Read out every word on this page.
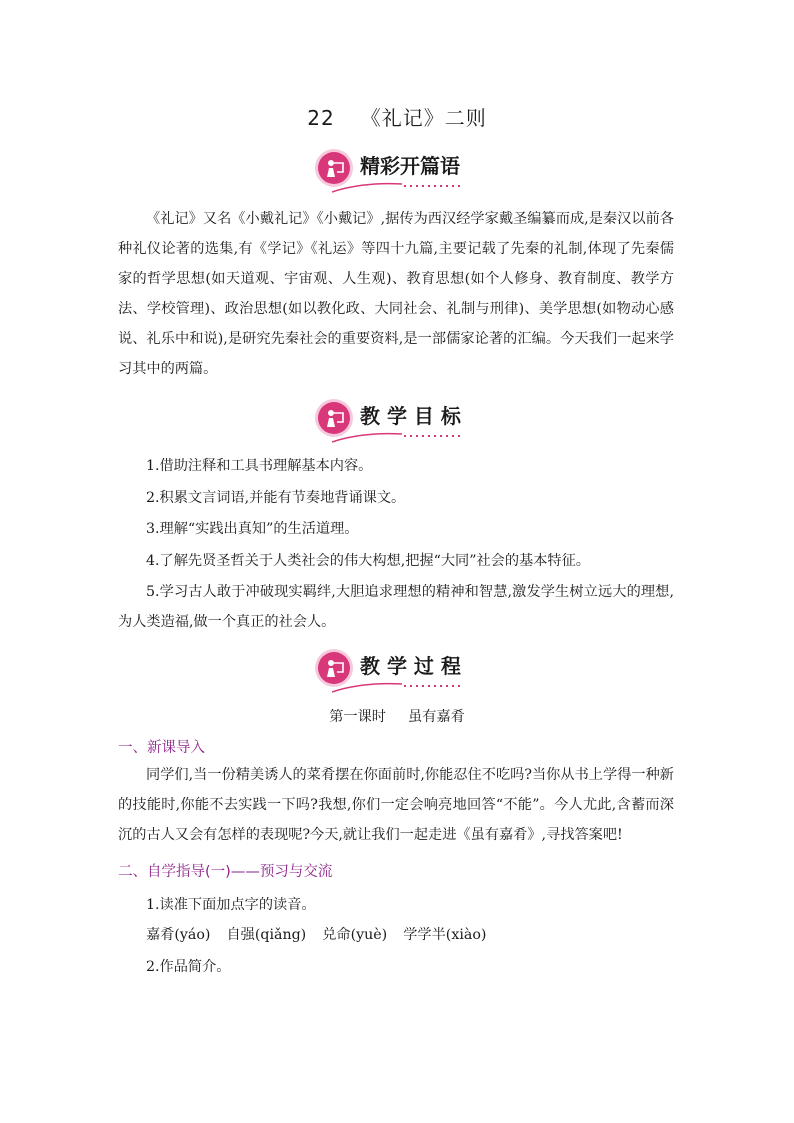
22 《礼记》二则
精彩开篇语
《礼记》又名《小戴礼记》《小戴记》,据传为西汉经学家戴圣编纂而成,是秦汉以前各种礼仪论著的选集,有《学记》《礼运》等四十九篇,主要记载了先秦的礼制,体现了先秦儒家的哲学思想(如天道观、宇宙观、人生观)、教育思想(如个人修身、教育制度、教学方法、学校管理)、政治思想(如以教化政、大同社会、礼制与刑律)、美学思想(如物动心感说、礼乐中和说),是研究先秦社会的重要资料,是一部儒家论著的汇编。今天我们一起来学习其中的两篇。
教 学 目 标
1.借助注释和工具书理解基本内容。
2.积累文言词语,并能有节奏地背诵课文。
3.理解“实践出真知”的生活道理。
4.了解先贤圣哲关于人类社会的伟大构想,把握“大同”社会的基本特征。
5.学习古人敢于冲破现实羁绊,大胆追求理想的精神和智慧,激发学生树立远大的理想,为人类造福,做一个真正的社会人。
教 学 过 程
第一课时 虽有嘉肴
一、新课导入
同学们,当一份精美诱人的菜肴摆在你面前时,你能忍住不吃吗?当你从书上学得一种新的技能时,你能不去实践一下吗?我想,你们一定会响亮地回答“不能”。今人尤此,含蓄而深沉的古人又会有怎样的表现呢?今天,就让我们一起走进《虽有嘉肴》,寻找答案吧!
二、自学指导(一)——预习与交流
1.读准下面加点字的读音。
嘉肴(yáo) 自强(qiǎng) 兑命(yuè) 学学半(xiào)
2.作品简介。
